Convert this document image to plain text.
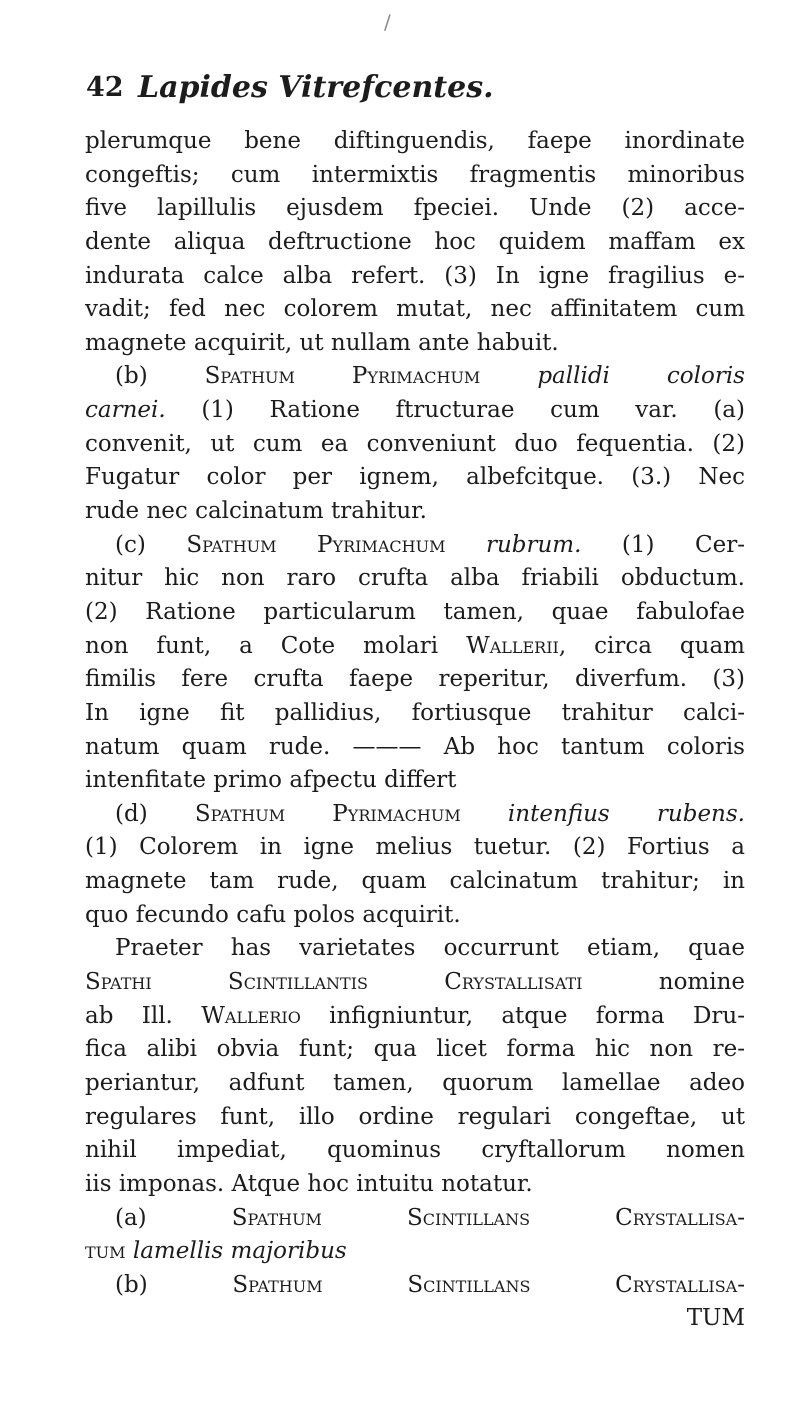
/
42 Lapides Vitrefcentes.
plerumque bene diftinguendis, faepe inordinate
congeftis; cum intermixtis fragmentis minoribus
five lapillulis ejusdem fpeciei. Unde (2) acce-
dente aliqua deftructione hoc quidem maffam ex
indurata calce alba refert. (3) In igne fragilius e-
vadit; fed nec colorem mutat, nec affinitatem cum
magnete acquirit, ut nullam ante habuit.
(b) Spathum Pyrimachum pallidi coloris
carnei. (1) Ratione ftructurae cum var. (a)
convenit, ut cum ea conveniunt duo fequentia. (2)
Fugatur color per ignem, albefcitque. (3.) Nec
rude nec calcinatum trahitur.
(c) Spathum Pyrimachum rubrum. (1) Cer-
nitur hic non raro crufta alba friabili obductum.
(2) Ratione particularum tamen, quae fabulofae
non funt, a Cote molari Wallerii, circa quam
fimilis fere crufta faepe reperitur, diverfum. (3)
In igne fit pallidius, fortiusque trahitur calci-
natum quam rude. ——— Ab hoc tantum coloris
intenfitate primo afpectu differt
(d) Spathum Pyrimachum intenfius rubens.
(1) Colorem in igne melius tuetur. (2) Fortius a
magnete tam rude, quam calcinatum trahitur; in
quo fecundo cafu polos acquirit.
Praeter has varietates occurrunt etiam, quae
Spathi Scintillantis Crystallisati nomine
ab Ill. Wallerio infigniuntur, atque forma Dru-
fica alibi obvia funt; qua licet forma hic non re-
periantur, adfunt tamen, quorum lamellae adeo
regulares funt, illo ordine regulari congeftae, ut
nihil impediat, quominus cryftallorum nomen
iis imponas. Atque hoc intuitu notatur.
(a) Spathum Scintillans Crystallisa-
tum lamellis majoribus
(b) Spathum Scintillans Crystallisa-
TUM
